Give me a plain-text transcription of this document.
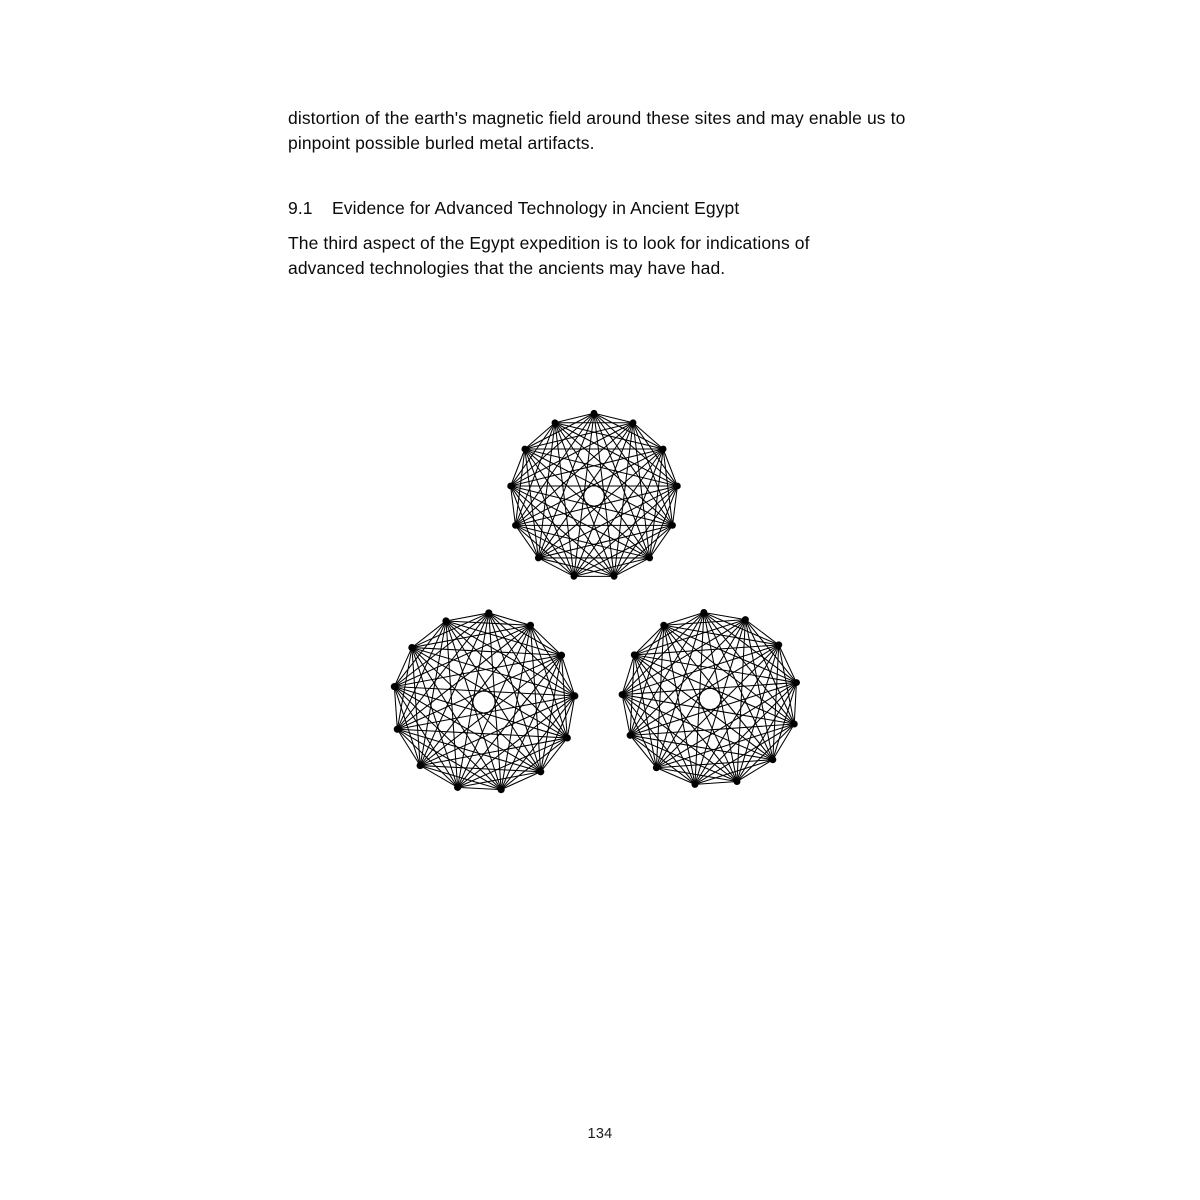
distortion of the earth's magnetic field around these sites and may enable us to pinpoint possible burled metal artifacts.

9.1 Evidence for Advanced Technology in Ancient Egypt
The third aspect of the Egypt expedition is to look for indications of
advanced technologies that the ancients may have had.
134
